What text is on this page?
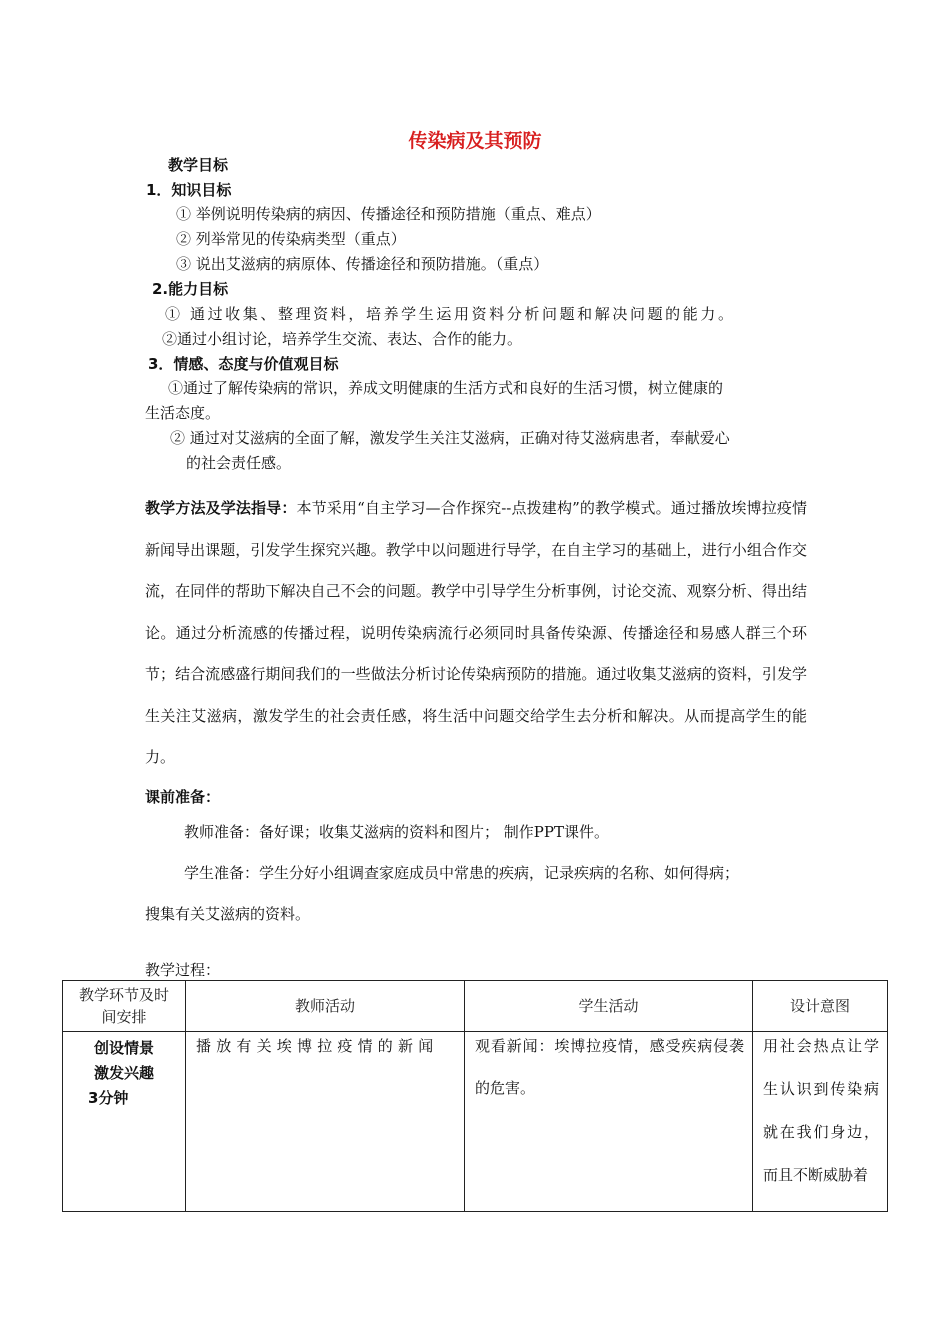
传染病及其预防
教学目标
1．知识目标
① 举例说明传染病的病因、传播途径和预防措施（重点、难点）
② 列举常见的传染病类型（重点）
③ 说出艾滋病的病原体、传播途径和预防措施。（重点）
2.能力目标
① 通过收集、整理资料，培养学生运用资料分析问题和解决问题的能力。
②通过小组讨论，培养学生交流、表达、合作的能力。
3．情感、态度与价值观目标
①通过了解传染病的常识，养成文明健康的生活方式和良好的生活习惯，树立健康的
生活态度。
② 通过对艾滋病的全面了解，激发学生关注艾滋病，正确对待艾滋病患者，奉献爱心
的社会责任感。
教学方法及学法指导：本节采用“自主学习—合作探究--点拨建构”的教学模式。通过播放埃博拉疫情新闻导出课题，引发学生探究兴趣。教学中以问题进行导学，在自主学习的基础上，进行小组合作交流，在同伴的帮助下解决自己不会的问题。教学中引导学生分析事例，讨论交流、观察分析、得出结论。通过分析流感的传播过程，说明传染病流行必须同时具备传染源、传播途径和易感人群三个环节；结合流感盛行期间我们的一些做法分析讨论传染病预防的措施。通过收集艾滋病的资料，引发学生关注艾滋病，激发学生的社会责任感，将生活中问题交给学生去分析和解决。从而提高学生的能力。
课前准备：
教师准备：备好课；收集艾滋病的资料和图片； 制作PPT课件。
学生准备：学生分好小组调查家庭成员中常患的疾病，记录疾病的名称、如何得病；
搜集有关艾滋病的资料。
教学过程：
教学环节及时
间安排	教师活动	学生活动	设计意图

创设情景
激发兴趣
3分钟	播放有关埃博拉疫情的新闻	观看新闻：埃博拉疫情，感受疾病侵袭的危害。	用社会热点让学生认识到传染病就在我们身边，而且不断威胁着
